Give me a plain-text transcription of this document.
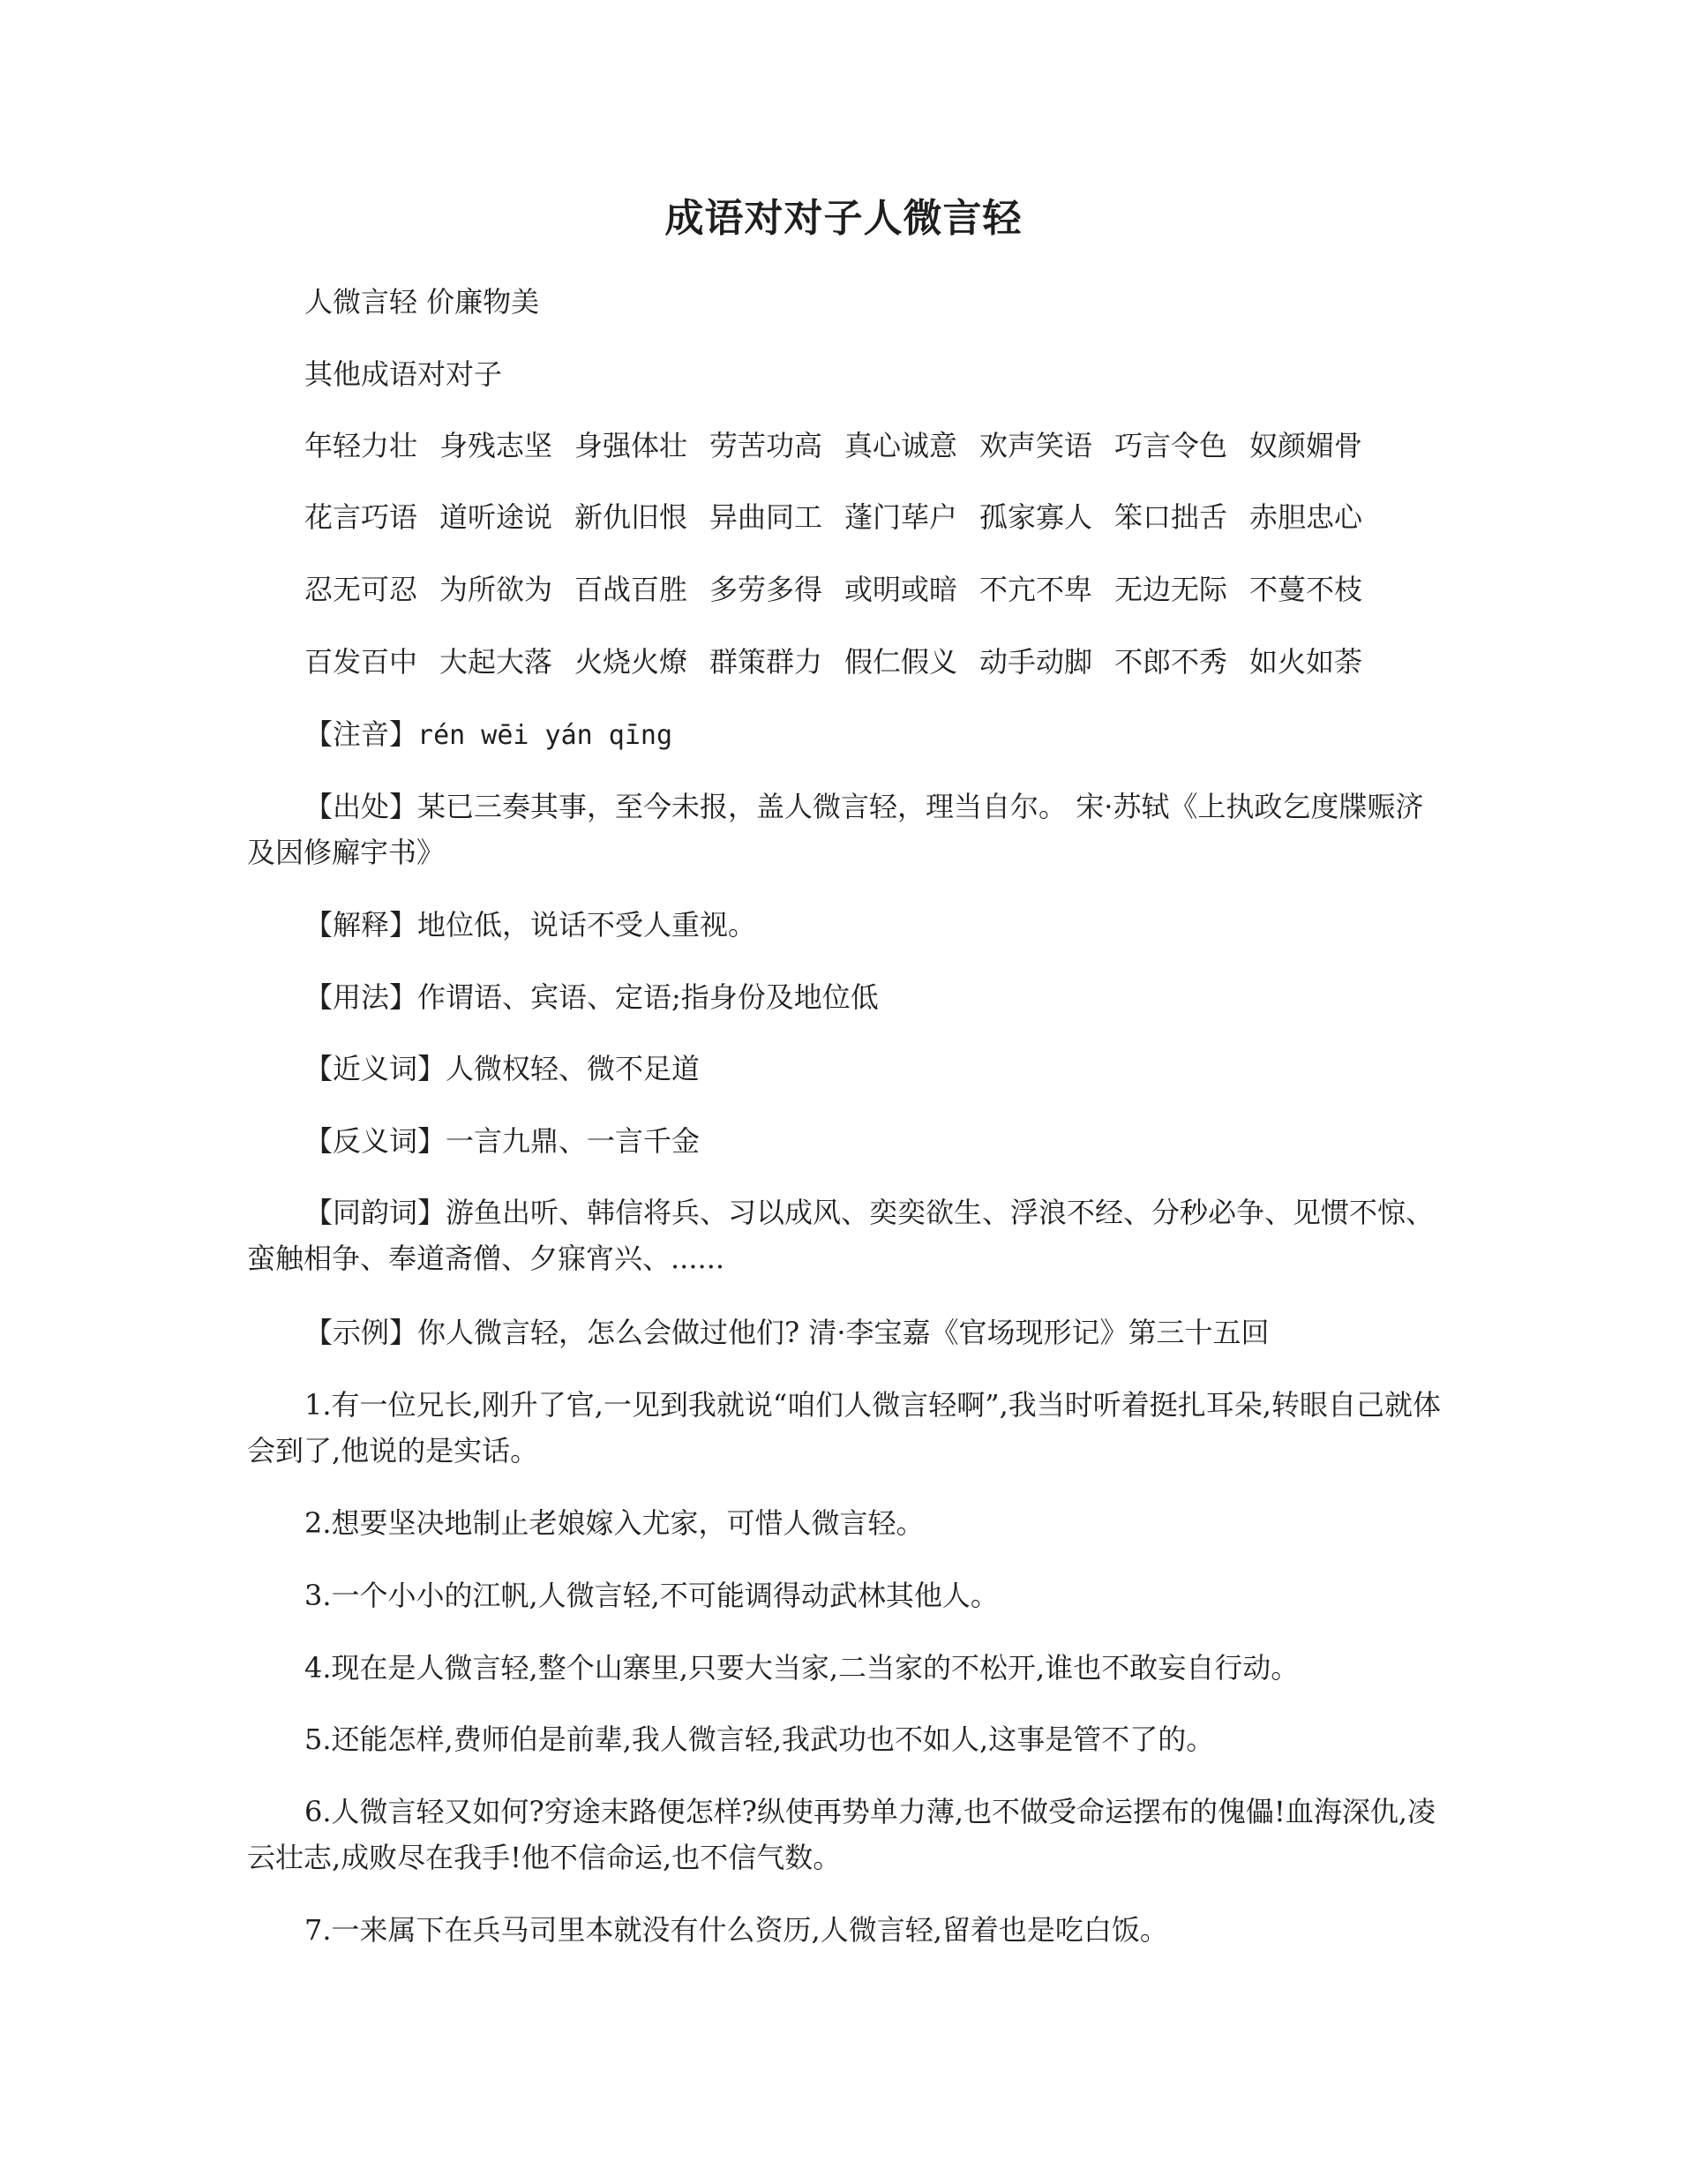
成语对对子人微言轻
人微言轻 价廉物美
其他成语对对子
年轻力壮 身残志坚 身强体壮 劳苦功高 真心诚意 欢声笑语 巧言令色 奴颜媚骨
花言巧语 道听途说 新仇旧恨 异曲同工 蓬门荜户 孤家寡人 笨口拙舌 赤胆忠心
忍无可忍 为所欲为 百战百胜 多劳多得 或明或暗 不亢不卑 无边无际 不蔓不枝
百发百中 大起大落 火烧火燎 群策群力 假仁假义 动手动脚 不郎不秀 如火如荼
【注音】rén wēi yán qīng
【出处】某已三奏其事，至今未报，盖人微言轻，理当自尔。 宋·苏轼《上执政乞度牒赈济及因修廨宇书》
【解释】地位低，说话不受人重视。
【用法】作谓语、宾语、定语;指身份及地位低
【近义词】人微权轻、微不足道
【反义词】一言九鼎、一言千金
【同韵词】游鱼出听、韩信将兵、习以成风、奕奕欲生、浮浪不经、分秒必争、见惯不惊、蛮触相争、奉道斋僧、夕寐宵兴、......
【示例】你人微言轻，怎么会做过他们? 清·李宝嘉《官场现形记》第三十五回
1.有一位兄长,刚升了官,一见到我就说“咱们人微言轻啊”,我当时听着挺扎耳朵,转眼自己就体会到了,他说的是实话。
2.想要坚决地制止老娘嫁入尤家，可惜人微言轻。
3.一个小小的江帆,人微言轻,不可能调得动武林其他人。
4.现在是人微言轻,整个山寨里,只要大当家,二当家的不松开,谁也不敢妄自行动。
5.还能怎样,费师伯是前辈,我人微言轻,我武功也不如人,这事是管不了的。
6.人微言轻又如何?穷途末路便怎样?纵使再势单力薄,也不做受命运摆布的傀儡!血海深仇,凌云壮志,成败尽在我手!他不信命运,也不信气数。
7.一来属下在兵马司里本就没有什么资历,人微言轻,留着也是吃白饭。
